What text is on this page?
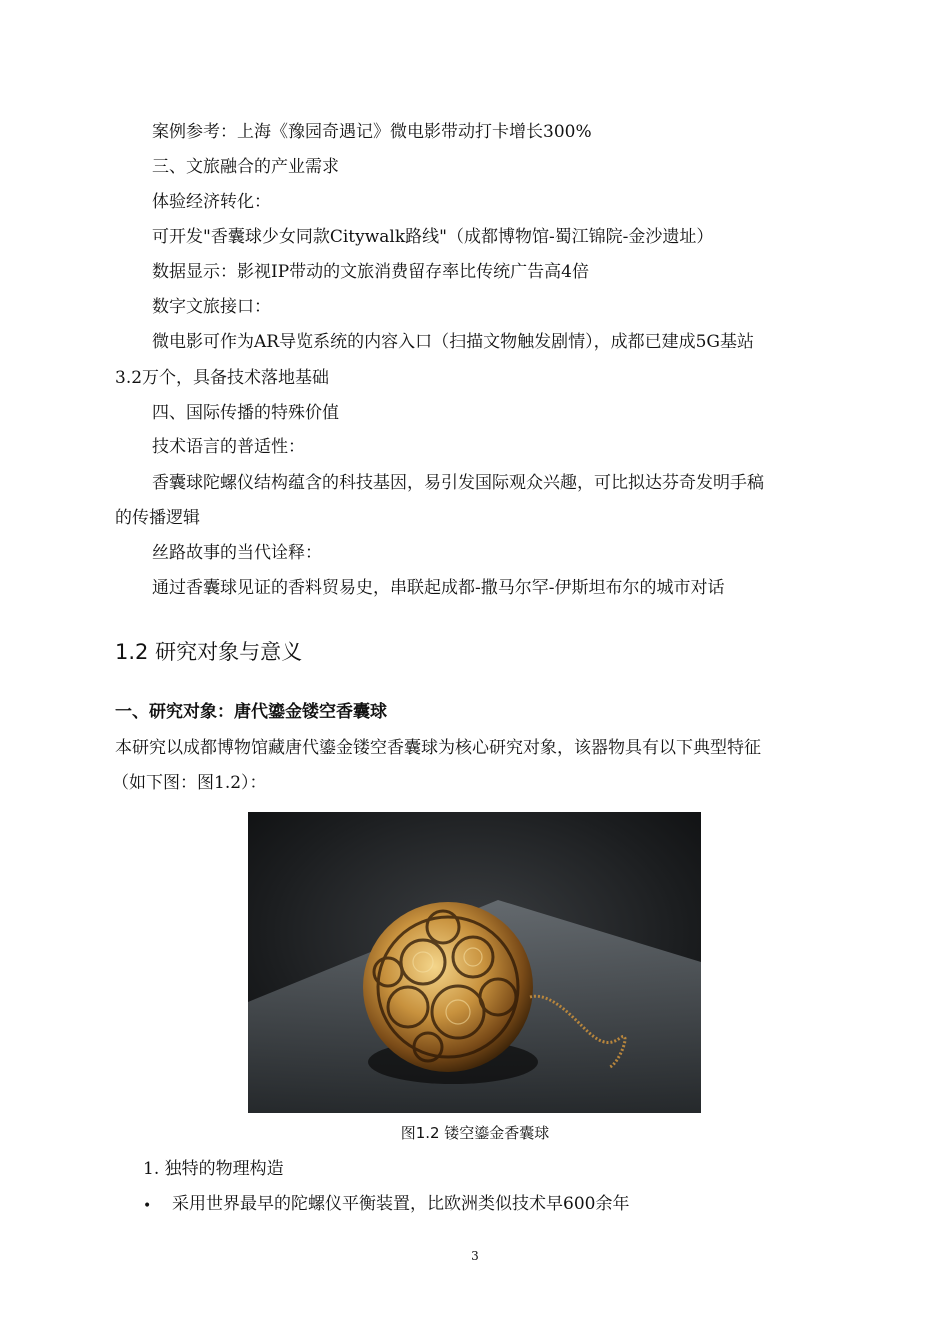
案例参考：上海《豫园奇遇记》微电影带动打卡增长300%
三、文旅融合的产业需求
体验经济转化：
可开发"香囊球少女同款Citywalk路线"（成都博物馆-蜀江锦院-金沙遗址）
数据显示：影视IP带动的文旅消费留存率比传统广告高4倍
数字文旅接口：
微电影可作为AR导览系统的内容入口（扫描文物触发剧情），成都已建成5G基站
3.2万个，具备技术落地基础
四、国际传播的特殊价值
技术语言的普适性：
香囊球陀螺仪结构蕴含的科技基因，易引发国际观众兴趣，可比拟达芬奇发明手稿
的传播逻辑
丝路故事的当代诠释：
通过香囊球见证的香料贸易史，串联起成都-撒马尔罕-伊斯坦布尔的城市对话
1.2 研究对象与意义
一、研究对象：唐代鎏金镂空香囊球
本研究以成都博物馆藏唐代鎏金镂空香囊球为核心研究对象，该器物具有以下典型特征
（如下图：图1.2）：
图1.2 镂空鎏金香囊球
1. 独特的物理构造
• 采用世界最早的陀螺仪平衡装置，比欧洲类似技术早600余年
3
